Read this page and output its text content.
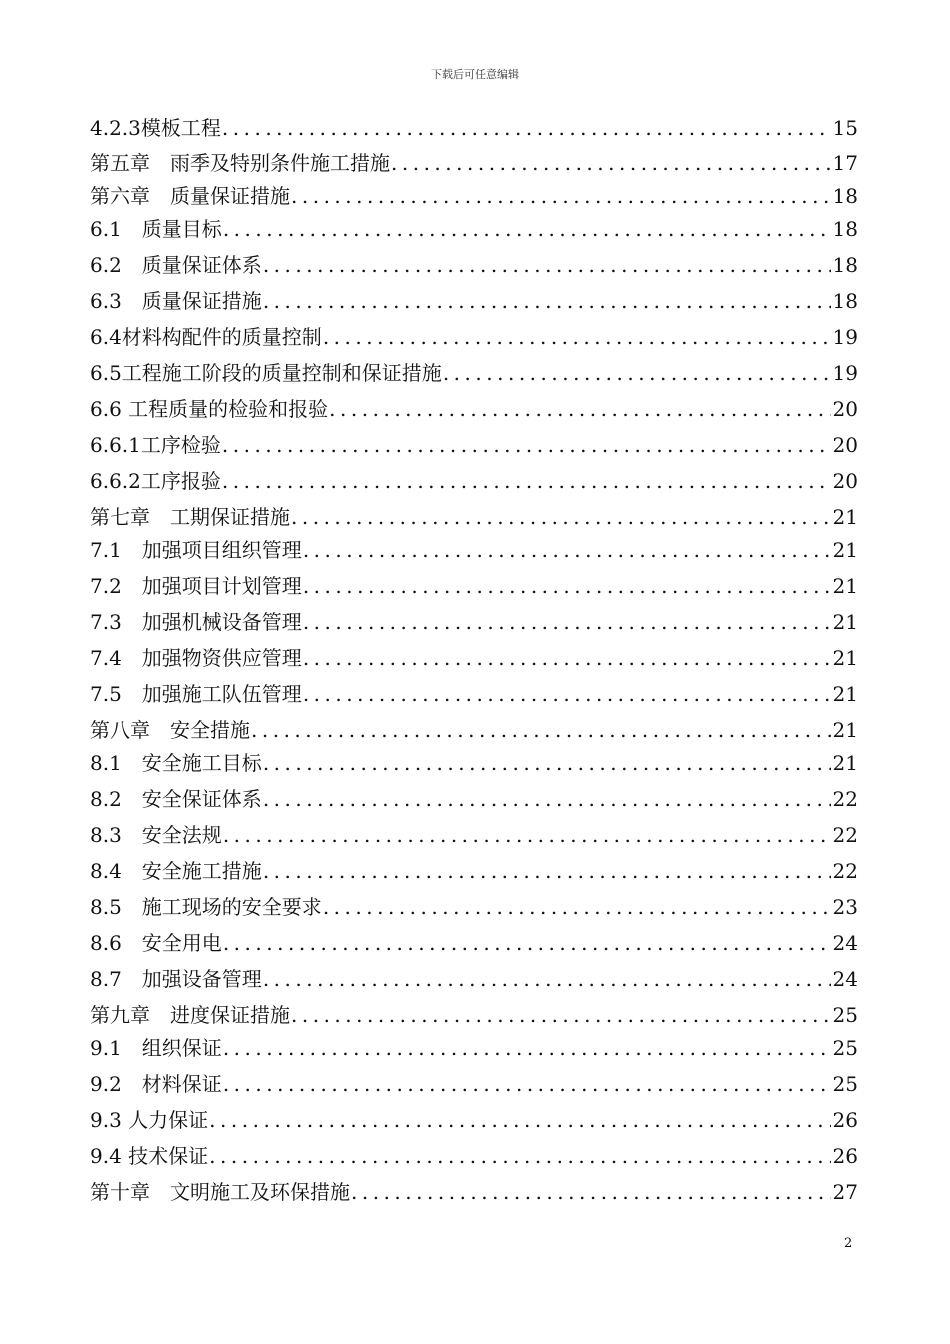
下载后可任意编辑
4.2.3模板工程 .....	15
第五章　雨季及特别条件施工措施 .....	17
第六章　质量保证措施 .....	18
6.1　质量目标 .....	18
6.2　质量保证体系 .....	18
6.3　质量保证措施 .....	18
6.4材料构配件的质量控制 .....	19
6.5工程施工阶段的质量控制和保证措施 .....	19
6.6 工程质量的检验和报验 .....	20
6.6.1工序检验 .....	20
6.6.2工序报验 .....	20
第七章　工期保证措施 .....	21
7.1　加强项目组织管理 .....	21
7.2　加强项目计划管理 .....	21
7.3　加强机械设备管理 .....	21
7.4　加强物资供应管理 .....	21
7.5　加强施工队伍管理 .....	21
第八章　安全措施 .....	21
8.1　安全施工目标 .....	21
8.2　安全保证体系 .....	22
8.3　安全法规 .....	22
8.4　安全施工措施 .....	22
8.5　施工现场的安全要求 .....	23
8.6　安全用电 .....	24
8.7　加强设备管理 .....	24
第九章　进度保证措施 .....	25
9.1　组织保证 .....	25
9.2　材料保证 .....	25
9.3 人力保证 .....	26
9.4 技术保证 .....	26
第十章　文明施工及环保措施 .....	27
2
